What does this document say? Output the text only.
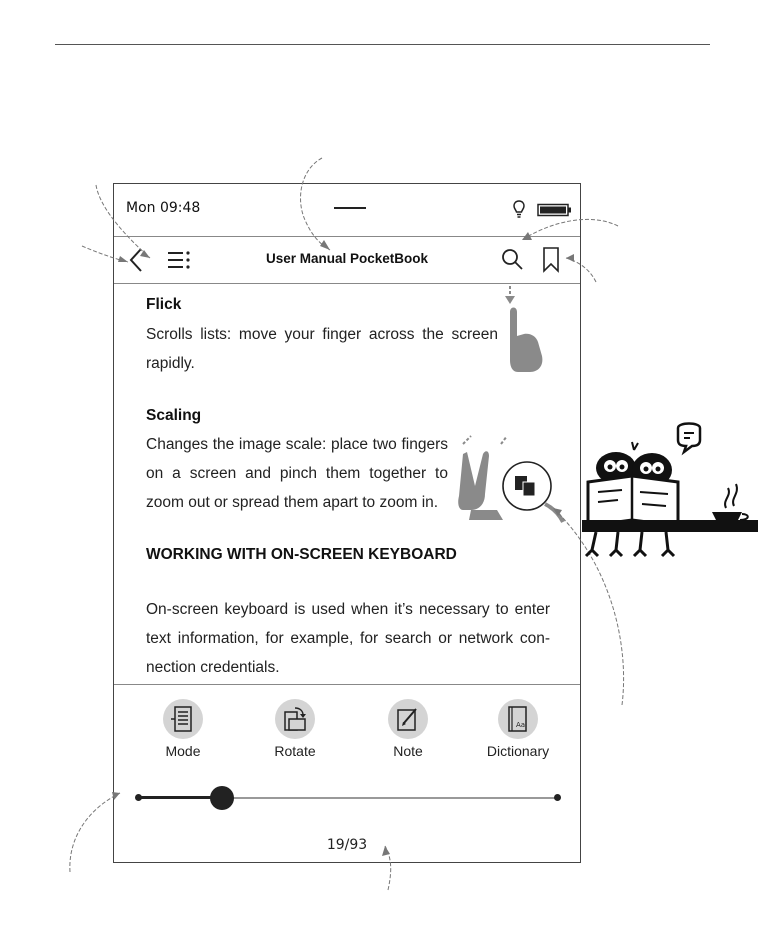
Mon 09:48
User Manual PocketBook
Flick
Scrolls lists: move your finger across the screen
rapidly.
Scaling
Changes the image scale: place two fingers
on a screen and pinch them together to
zoom out or spread them apart to zoom in.
WORKING WITH ON-SCREEN KEYBOARD
On-screen keyboard is used when it’s necessary to enter
text information, for example, for search or network con-
nection credentials.
Mode	Rotate	Note
Aa
Dictionary
19/93
